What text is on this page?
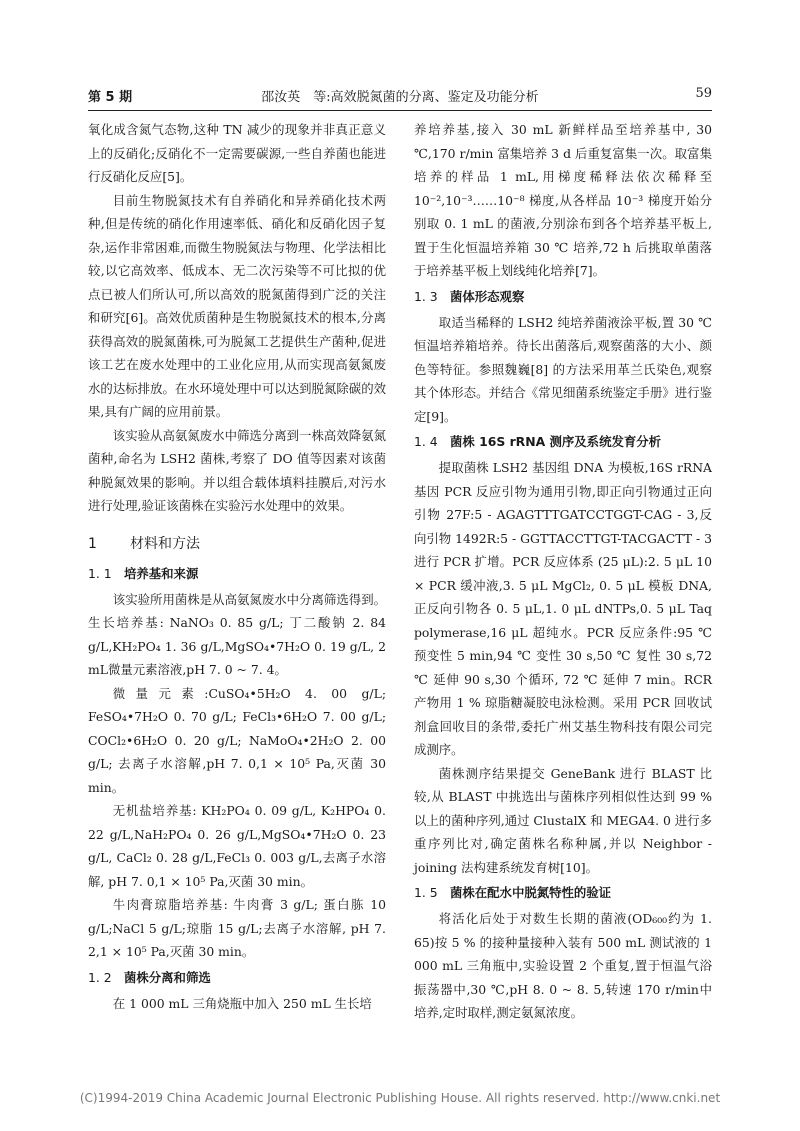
第 5 期	邵汝英　等:高效脱氮菌的分离、鉴定及功能分析	59

氧化成含氮气态物,这种 TN 减少的现象并非真正意义上的反硝化;反硝化不一定需要碳源,一些自养菌也能进行反硝化反应[5]。

目前生物脱氮技术有自养硝化和异养硝化技术两种,但是传统的硝化作用速率低、硝化和反硝化因子复杂,运作非常困难,而微生物脱氮法与物理、化学法相比较,以它高效率、低成本、无二次污染等不可比拟的优点已被人们所认可,所以高效的脱氮菌得到广泛的关注和研究[6]。高效优质菌种是生物脱氮技术的根本,分离获得高效的脱氮菌株,可为脱氮工艺提供生产菌种,促进该工艺在废水处理中的工业化应用,从而实现高氨氮废水的达标排放。在水环境处理中可以达到脱氮除碳的效果,具有广阔的应用前景。

该实验从高氨氮废水中筛选分离到一株高效降氨氮菌种,命名为 LSH2 菌株,考察了 DO 值等因素对该菌种脱氮效果的影响。并以组合载体填料挂膜后,对污水进行处理,验证该菌株在实验污水处理中的效果。

1 材料和方法
1. 1 培养基和来源

该实验所用菌株是从高氨氮废水中分离筛选得到。生长培养基: NaNO₃ 0. 85 g/L; 丁二酸钠 2. 84 g/L,KH₂PO₄ 1. 36 g/L,MgSO₄•7H₂O 0. 19 g/L, 2 mL微量元素溶液,pH 7. 0 ~ 7. 4。

微量元素:CuSO₄•5H₂O 4. 00 g/L; FeSO₄•7H₂O 0. 70 g/L; FeCl₃•6H₂O 7. 00 g/L; COCl₂•6H₂O 0. 20 g/L; NaMoO₄•2H₂O 2. 00 g/L; 去离子水溶解,pH 7. 0,1 × 10⁵ Pa,灭菌 30 min。

无机盐培养基: KH₂PO₄ 0. 09 g/L, K₂HPO₄ 0. 22 g/L,NaH₂PO₄ 0. 26 g/L,MgSO₄•7H₂O 0. 23 g/L, CaCl₂ 0. 28 g/L,FeCl₃ 0. 003 g/L,去离子水溶解, pH 7. 0,1 × 10⁵ Pa,灭菌 30 min。

牛肉膏琼脂培养基: 牛肉膏 3 g/L; 蛋白胨 10 g/L;NaCl 5 g/L;琼脂 15 g/L;去离子水溶解, pH 7. 2,1 × 10⁵ Pa,灭菌 30 min。

1. 2 菌株分离和筛选

在 1 000 mL 三角烧瓶中加入 250 mL 生长培

养培养基,接入 30 mL 新鲜样品至培养基中, 30 ℃,170 r/min 富集培养 3 d 后重复富集一次。取富集培养的样品 1 mL,用梯度稀释法依次稀释至 10⁻²,10⁻³……10⁻⁸ 梯度,从各样品 10⁻³ 梯度开始分别取 0. 1 mL 的菌液,分别涂布到各个培养基平板上,置于生化恒温培养箱 30 ℃ 培养,72 h 后挑取单菌落于培养基平板上划线纯化培养[7]。

1. 3 菌体形态观察

取适当稀释的 LSH2 纯培养菌液涂平板,置 30 ℃恒温培养箱培养。待长出菌落后,观察菌落的大小、颜色等特征。参照魏巍[8] 的方法采用革兰氏染色,观察其个体形态。并结合《常见细菌系统鉴定手册》进行鉴定[9]。

1. 4 菌株 16S rRNA 测序及系统发育分析

提取菌株 LSH2 基因组 DNA 为模板,16S rRNA 基因 PCR 反应引物为通用引物,即正向引物通过正向引物 27F:5 - AGAGTTTGATCCTGGT-CAG - 3,反向引物 1492R:5 - GGTTACCTTGT-TACGACTT - 3 进行 PCR 扩增。PCR 反应体系 (25 μL):2. 5 μL 10 × PCR 缓冲液,3. 5 μL MgCl₂, 0. 5 μL 模板 DNA,正反向引物各 0. 5 μL,1. 0 μL dNTPs,0. 5 μL Taq polymerase,16 μL 超纯水。PCR 反应条件:95 ℃ 预变性 5 min,94 ℃ 变性 30 s,50 ℃ 复性 30 s,72 ℃ 延伸 90 s,30 个循环, 72 ℃ 延伸 7 min。RCR 产物用 1 % 琼脂糖凝胶电泳检测。采用 PCR 回收试剂盒回收目的条带,委托广州艾基生物科技有限公司完成测序。

菌株测序结果提交 GeneBank 进行 BLAST 比较,从 BLAST 中挑选出与菌株序列相似性达到 99 % 以上的菌种序列,通过 ClustalX 和 MEGA4. 0 进行多重序列比对,确定菌株名称种属,并以 Neighbor - joining 法构建系统发育树[10]。

1. 5 菌株在配水中脱氮特性的验证

将活化后处于对数生长期的菌液(OD₆₀₀约为 1. 65)按 5 % 的接种量接种入装有 500 mL 测试液的 1 000 mL 三角瓶中,实验设置 2 个重复,置于恒温气浴振荡器中,30 ℃,pH 8. 0 ~ 8. 5,转速 170 r/min中培养,定时取样,测定氨氮浓度。

(C)1994-2019 China Academic Journal Electronic Publishing House. All rights reserved. http://www.cnki.net
